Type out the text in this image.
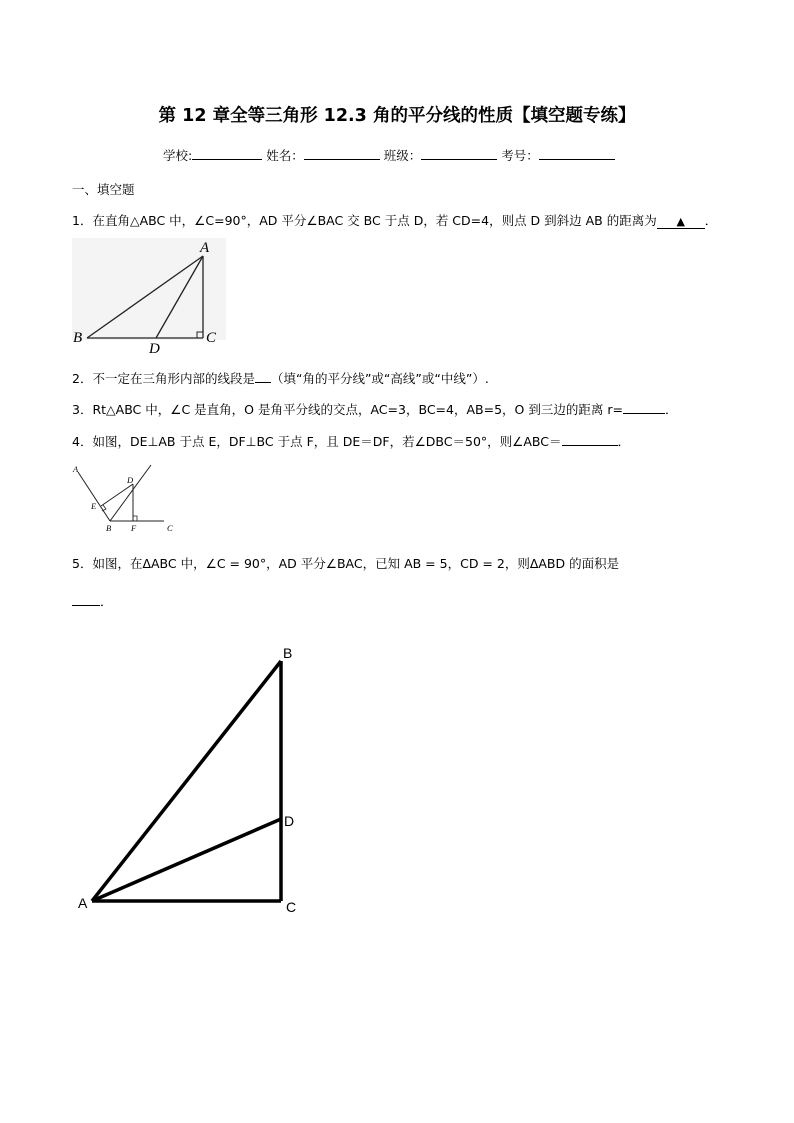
第 12 章全等三角形 12.3 角的平分线的性质【填空题专练】
学校:	姓名：	班级：	考号：
一、填空题
1．在直角△ABC 中，∠C=90°，AD 平分∠BAC 交 BC 于点 D，若 CD=4，则点 D 到斜边 AB 的距离为 ▲ ．
A
B	C
D
2．不一定在三角形内部的线段是 （填“角的平分线”或“高线”或“中线”）.
3．Rt△ABC 中，∠C 是直角，O 是角平分线的交点，AC=3，BC=4，AB=5，O 到三边的距离 r=	．
4．如图，DE⊥AB 于点 E，DF⊥BC 于点 F，且 DE＝DF，若∠DBC＝50°，则∠ABC＝	．
A
E
D
B F	C
5．如图，在ΔABC 中，∠C = 90°，AD 平分∠BAC，已知 AB = 5，CD = 2，则ΔABD 的面积是
．
B
D
A	C
